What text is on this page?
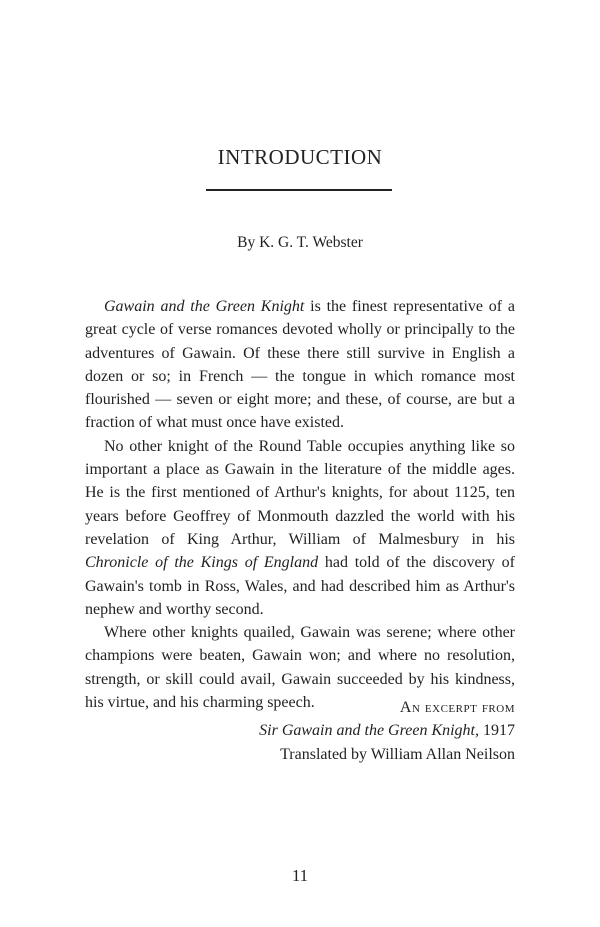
INTRODUCTION
By K. G. T. Webster

Gawain and the Green Knight is the finest representative of a great cycle of verse romances devoted wholly or principally to the adventures of Gawain. Of these there still survive in English a dozen or so; in French — the tongue in which romance most flourished — seven or eight more; and these, of course, are but a fraction of what must once have existed.

No other knight of the Round Table occupies anything like so important a place as Gawain in the literature of the middle ages. He is the first mentioned of Arthur's knights, for about 1125, ten years before Geoffrey of Monmouth dazzled the world with his revelation of King Arthur, William of Malmesbury in his Chronicle of the Kings of England had told of the discovery of Gawain's tomb in Ross, Wales, and had described him as Arthur's nephew and worthy second.

Where other knights quailed, Gawain was serene; where other champions were beaten, Gawain won; and where no resolution, strength, or skill could avail, Gawain succeeded by his kindness, his virtue, and his charming speech.	An excerpt from
Sir Gawain and the Green Knight, 1917
Translated by William Allan Neilson
11
